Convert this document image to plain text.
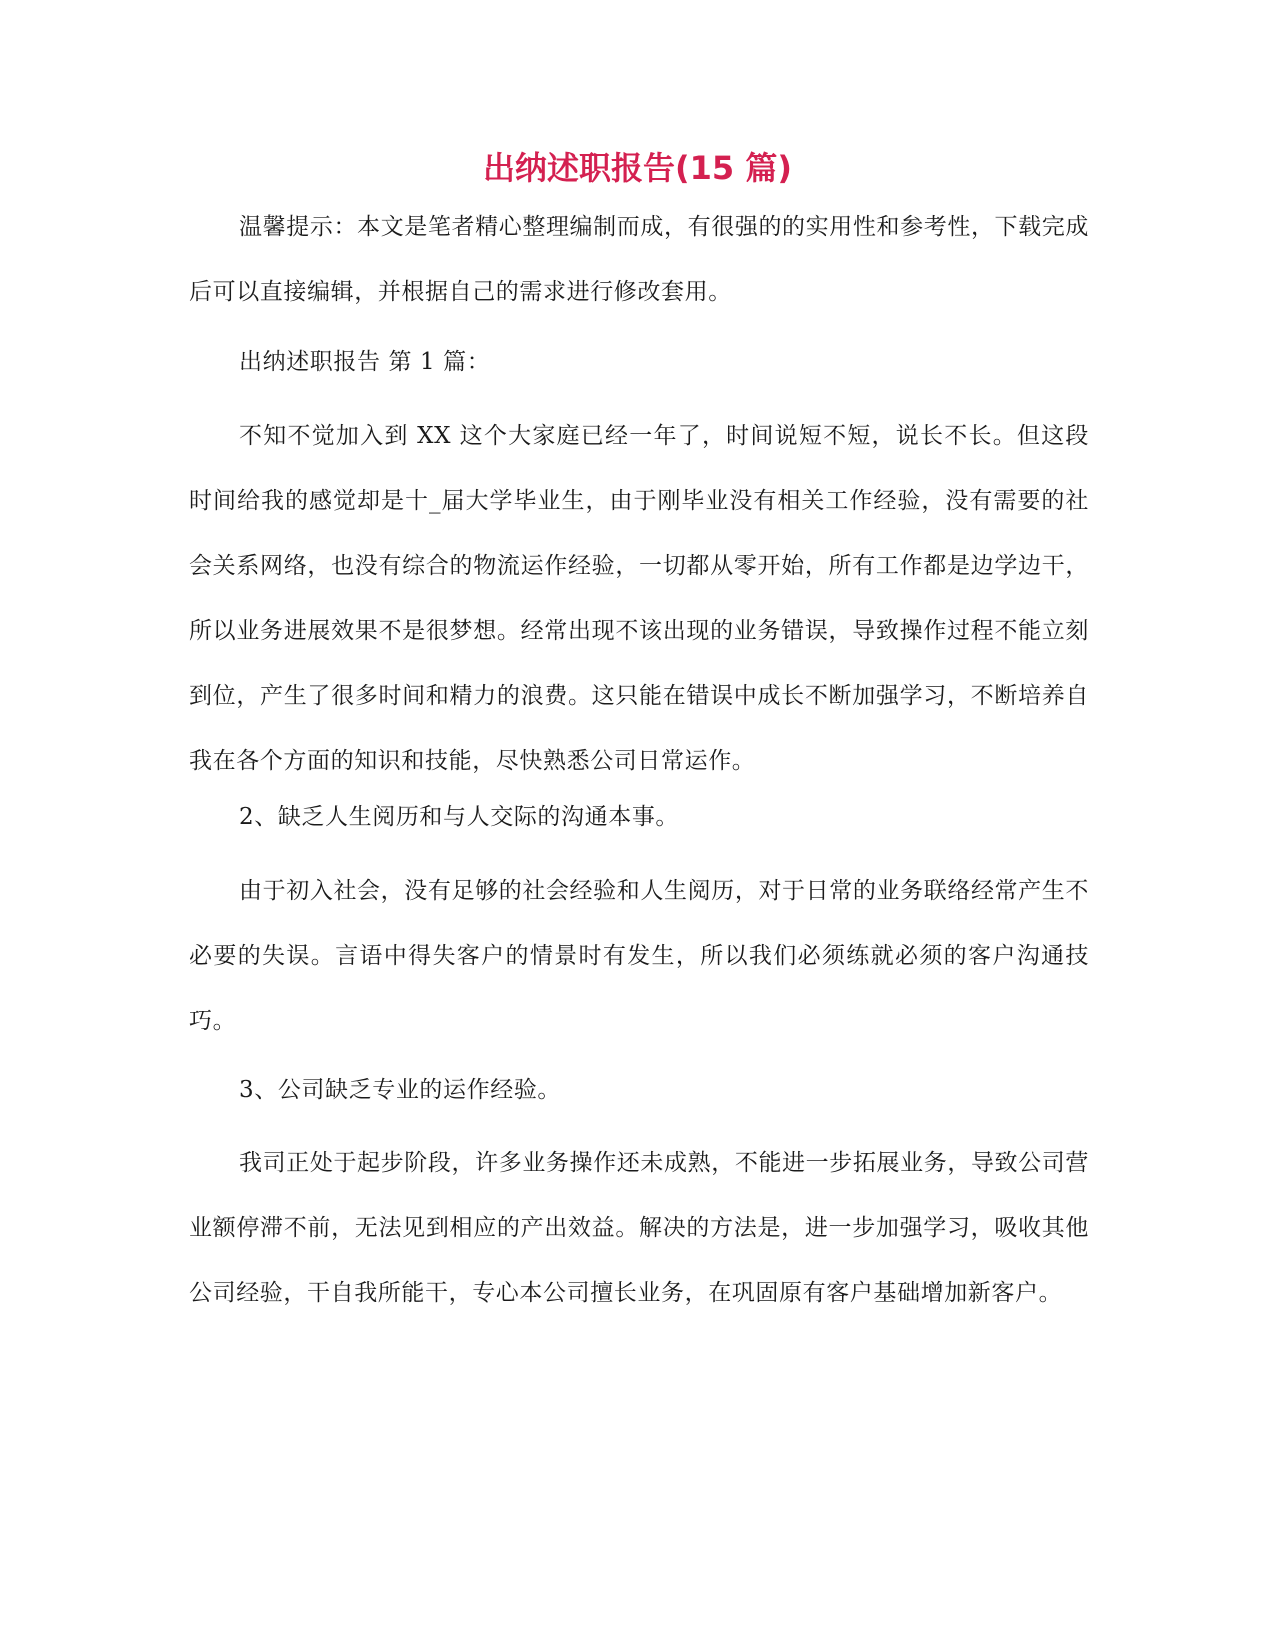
出纳述职报告(15 篇)

温馨提示：本文是笔者精心整理编制而成，有很强的的实用性和参考性，下载完成后可以直接编辑，并根据自己的需求进行修改套用。

出纳述职报告 第 1 篇：

不知不觉加入到 XX 这个大家庭已经一年了，时间说短不短，说长不长。但这段时间给我的感觉却是十_届大学毕业生，由于刚毕业没有相关工作经验，没有需要的社会关系网络，也没有综合的物流运作经验，一切都从零开始，所有工作都是边学边干，所以业务进展效果不是很梦想。经常出现不该出现的业务错误，导致操作过程不能立刻到位，产生了很多时间和精力的浪费。这只能在错误中成长不断加强学习，不断培养自我在各个方面的知识和技能，尽快熟悉公司日常运作。

2、缺乏人生阅历和与人交际的沟通本事。

由于初入社会，没有足够的社会经验和人生阅历，对于日常的业务联络经常产生不必要的失误。言语中得失客户的情景时有发生，所以我们必须练就必须的客户沟通技巧。

3、公司缺乏专业的运作经验。

我司正处于起步阶段，许多业务操作还未成熟，不能进一步拓展业务，导致公司营业额停滞不前，无法见到相应的产出效益。解决的方法是，进一步加强学习，吸收其他公司经验，干自我所能干，专心本公司擅长业务，在巩固原有客户基础增加新客户。
